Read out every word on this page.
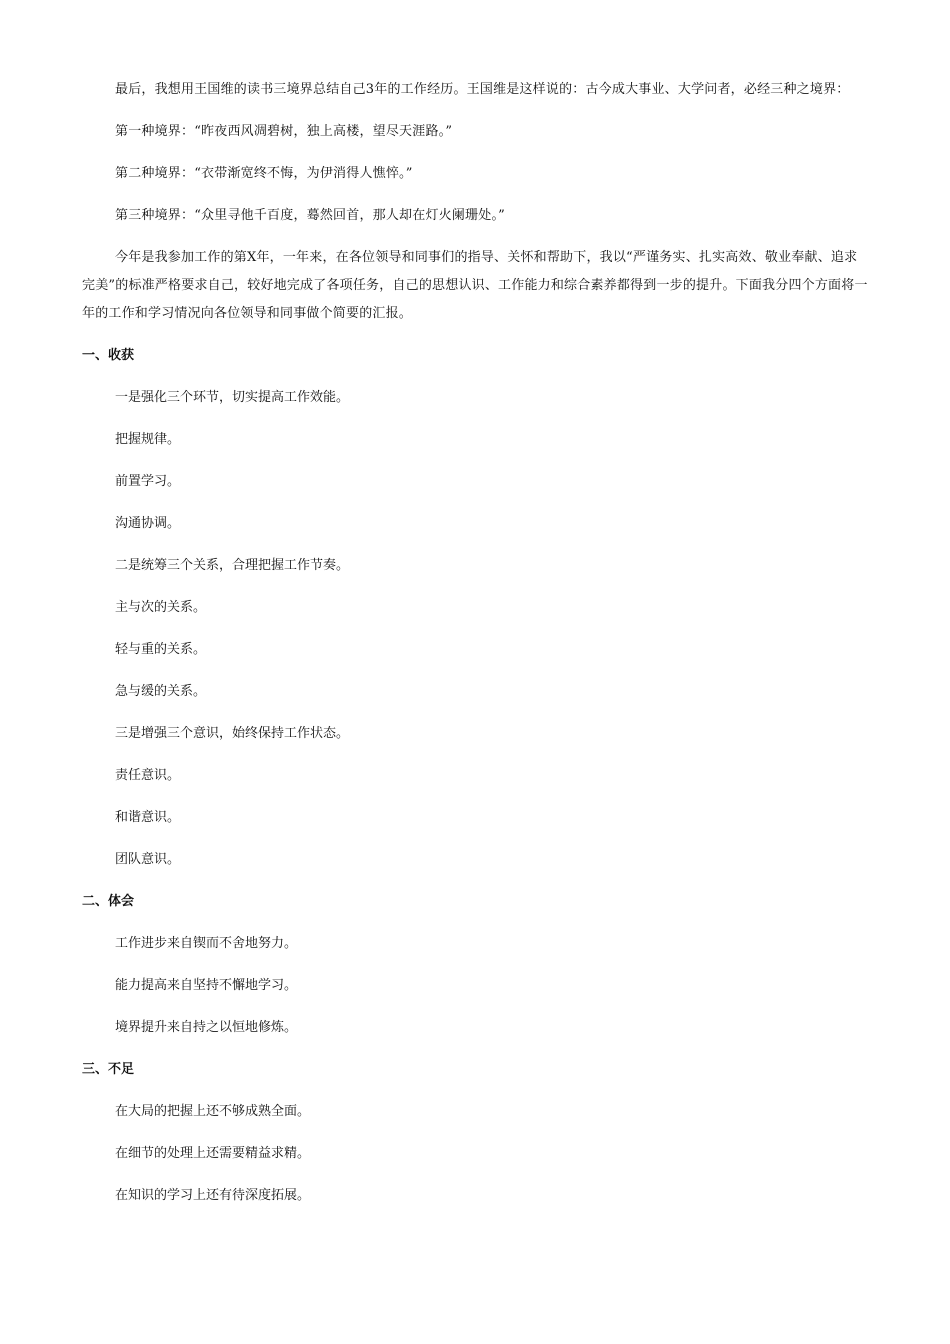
最后，我想用王国维的读书三境界总结自己3年的工作经历。王国维是这样说的：古今成大事业、大学问者，必经三种之境界：

第一种境界：“昨夜西风凋碧树，独上高楼，望尽天涯路。”

第二种境界：“衣带渐宽终不悔，为伊消得人憔悴。”

第三种境界：“众里寻他千百度，蓦然回首，那人却在灯火阑珊处。”

今年是我参加工作的第X年，一年来，在各位领导和同事们的指导、关怀和帮助下，我以“严谨务实、扎实高效、敬业奉献、追求完美”的标准严格要求自己，较好地完成了各项任务，自己的思想认识、工作能力和综合素养都得到一步的提升。下面我分四个方面将一年的工作和学习情况向各位领导和同事做个简要的汇报。

一、收获
一是强化三个环节，切实提高工作效能。
把握规律。
前置学习。
沟通协调。
二是统筹三个关系，合理把握工作节奏。
主与次的关系。
轻与重的关系。
急与缓的关系。
三是增强三个意识，始终保持工作状态。
责任意识。
和谐意识。
团队意识。
二、体会
工作进步来自锲而不舍地努力。
能力提高来自坚持不懈地学习。
境界提升来自持之以恒地修炼。
三、不足
在大局的把握上还不够成熟全面。
在细节的处理上还需要精益求精。
在知识的学习上还有待深度拓展。
